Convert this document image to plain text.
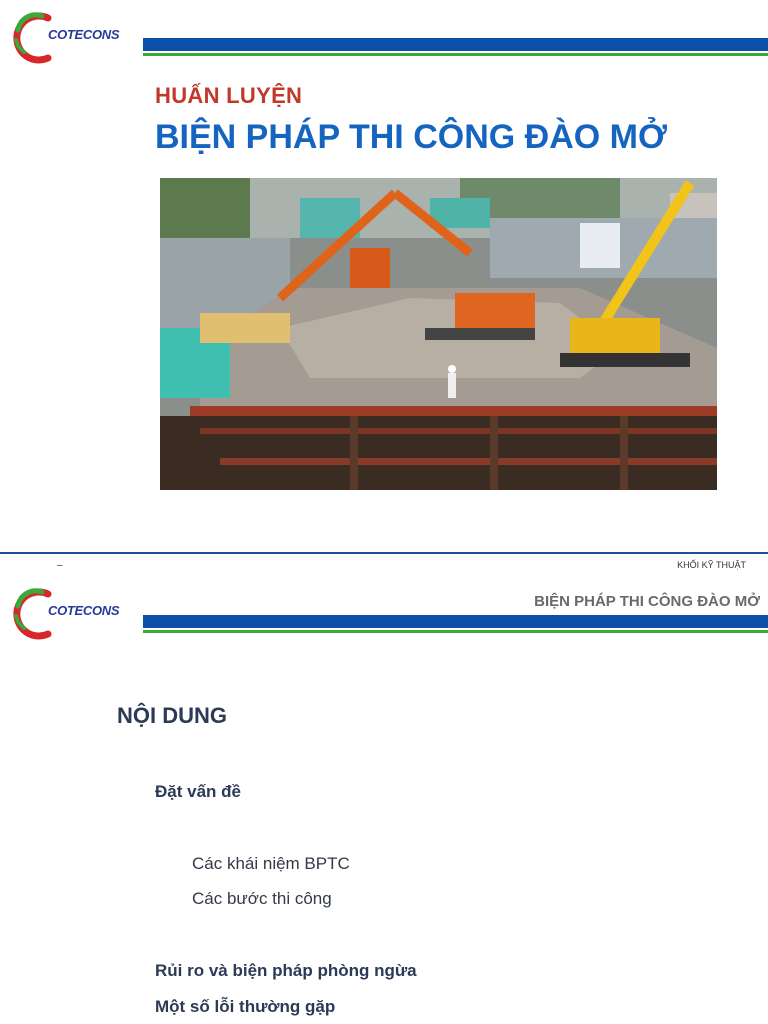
COTECONS
HUẤN LUYỆN
BIỆN PHÁP THI CÔNG ĐÀO MỞ
–	KHỐI KỸ THUẬT
COTECONS
BIỆN PHÁP THI CÔNG ĐÀO MỞ
NỘI DUNG
Đặt vấn đề
Các khái niệm BPTC
Các bước thi công
Rủi ro và biện pháp phòng ngừa
Một số lỗi thường gặp
